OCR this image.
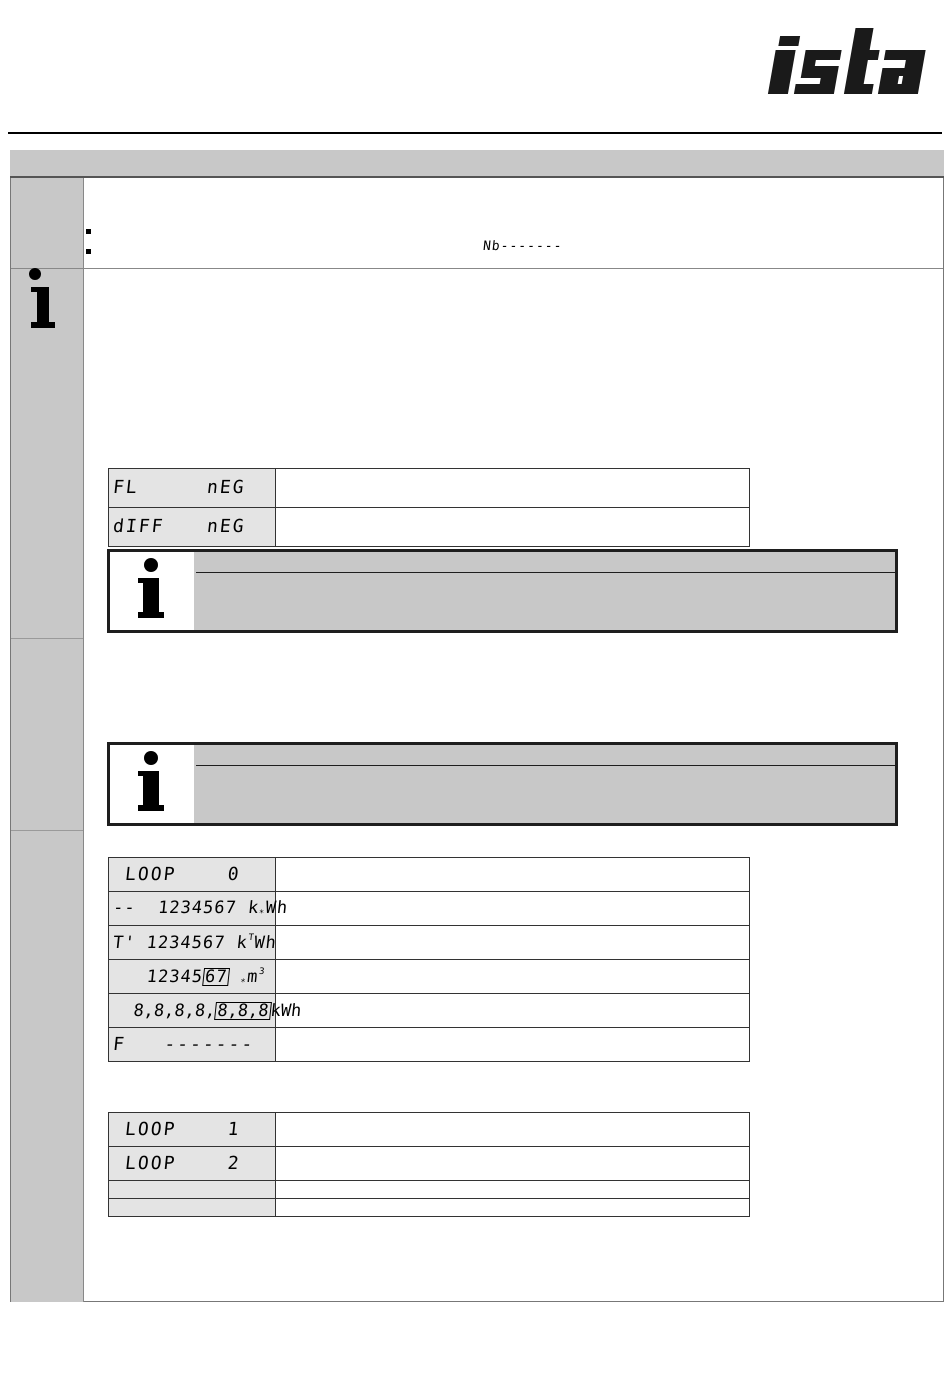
ista

Nb-------

FL nEG	

dIFF nEG	

LOOP    0	

--  1234567 $k_*Wh$	

T' 1234567 $k^TWh$	

1234567 $_*m^3$

8,8,8,8,8,8,8kWh	

F   -------	

LOOP    1	

LOOP    2	
